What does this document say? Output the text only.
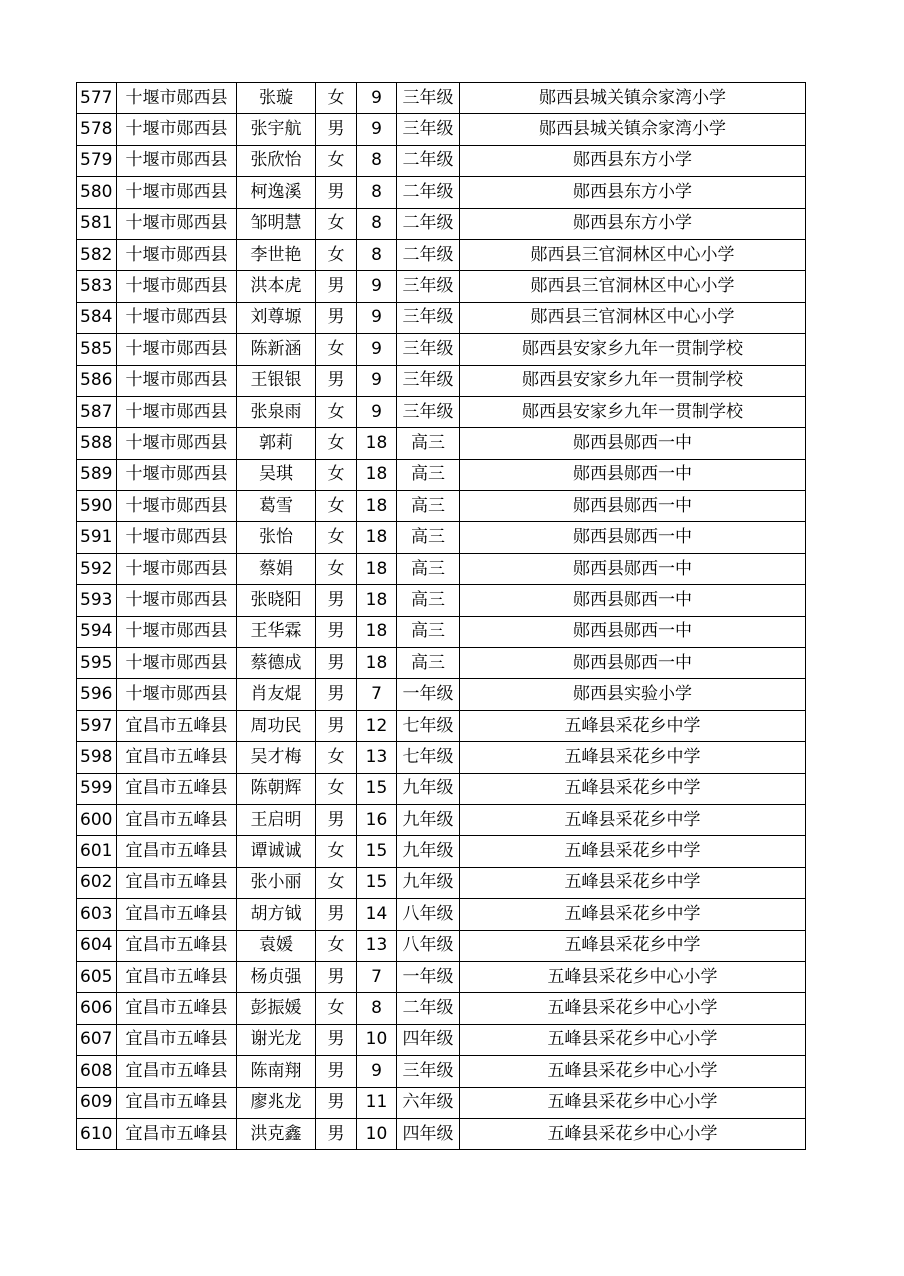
577	十堰市郧西县	张璇	女	9	三年级	郧西县城关镇佘家湾小学
578	十堰市郧西县	张宇航	男	9	三年级	郧西县城关镇佘家湾小学
579	十堰市郧西县	张欣怡	女	8	二年级	郧西县东方小学
580	十堰市郧西县	柯逸溪	男	8	二年级	郧西县东方小学
581	十堰市郧西县	邹明慧	女	8	二年级	郧西县东方小学
582	十堰市郧西县	李世艳	女	8	二年级	郧西县三官洞林区中心小学
583	十堰市郧西县	洪本虎	男	9	三年级	郧西县三官洞林区中心小学
584	十堰市郧西县	刘尊塬	男	9	三年级	郧西县三官洞林区中心小学
585	十堰市郧西县	陈新涵	女	9	三年级	郧西县安家乡九年一贯制学校
586	十堰市郧西县	王银银	男	9	三年级	郧西县安家乡九年一贯制学校
587	十堰市郧西县	张泉雨	女	9	三年级	郧西县安家乡九年一贯制学校
588	十堰市郧西县	郭莉	女	18	高三	郧西县郧西一中
589	十堰市郧西县	吴琪	女	18	高三	郧西县郧西一中
590	十堰市郧西县	葛雪	女	18	高三	郧西县郧西一中
591	十堰市郧西县	张怡	女	18	高三	郧西县郧西一中
592	十堰市郧西县	蔡娟	女	18	高三	郧西县郧西一中
593	十堰市郧西县	张晓阳	男	18	高三	郧西县郧西一中
594	十堰市郧西县	王华霖	男	18	高三	郧西县郧西一中
595	十堰市郧西县	蔡德成	男	18	高三	郧西县郧西一中
596	十堰市郧西县	肖友焜	男	7	一年级	郧西县实验小学
597	宜昌市五峰县	周功民	男	12	七年级	五峰县采花乡中学
598	宜昌市五峰县	吴才梅	女	13	七年级	五峰县采花乡中学
599	宜昌市五峰县	陈朝辉	女	15	九年级	五峰县采花乡中学
600	宜昌市五峰县	王启明	男	16	九年级	五峰县采花乡中学
601	宜昌市五峰县	谭诚诚	女	15	九年级	五峰县采花乡中学
602	宜昌市五峰县	张小丽	女	15	九年级	五峰县采花乡中学
603	宜昌市五峰县	胡方钺	男	14	八年级	五峰县采花乡中学
604	宜昌市五峰县	袁媛	女	13	八年级	五峰县采花乡中学
605	宜昌市五峰县	杨贞强	男	7	一年级	五峰县采花乡中心小学
606	宜昌市五峰县	彭振媛	女	8	二年级	五峰县采花乡中心小学
607	宜昌市五峰县	谢光龙	男	10	四年级	五峰县采花乡中心小学
608	宜昌市五峰县	陈南翔	男	9	三年级	五峰县采花乡中心小学
609	宜昌市五峰县	廖兆龙	男	11	六年级	五峰县采花乡中心小学
610	宜昌市五峰县	洪克鑫	男	10	四年级	五峰县采花乡中心小学
